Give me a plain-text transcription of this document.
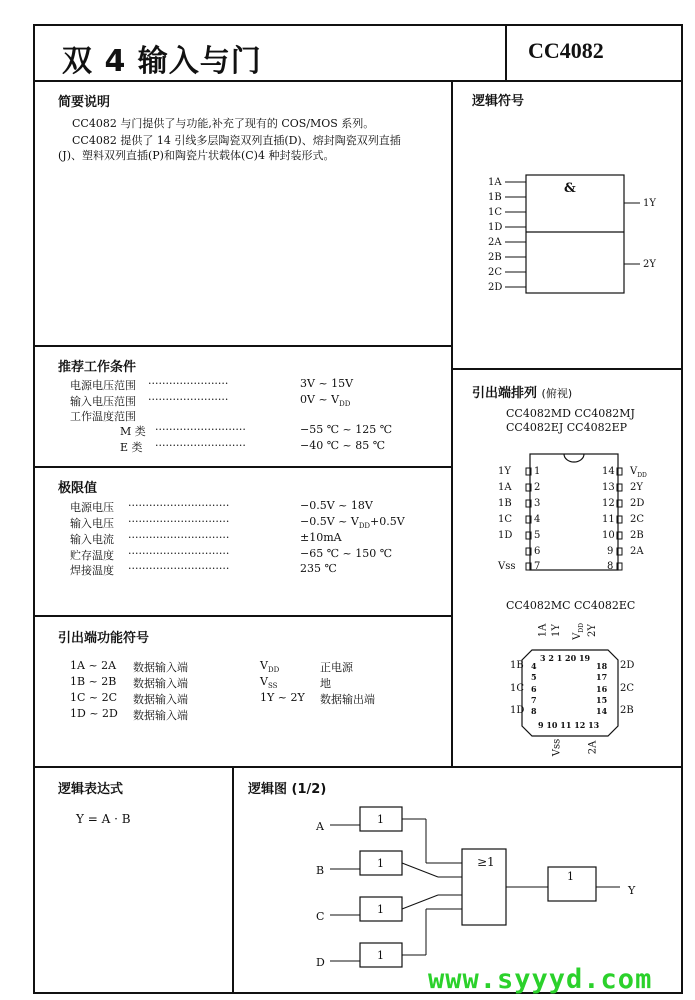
双 4 输入与门	CC4082
简要说明
CC4082 与门提供了与功能,补充了现有的 COS/MOS 系列。
CC4082 提供了 14 引线多层陶瓷双列直插(D)、熔封陶瓷双列直插
(J)、塑料双列直插(P)和陶瓷片状载体(C)4 种封装形式。
逻辑符号
&
1A
1B
1C
1D
2A
2B
2C
2D
1Y
2Y
推荐工作条件
电源电压范围 ·······················	3V ~ 15V
输入电压范围 ·······················	0V ~ $V_{DD}$
工作温度范围
M 类 ··························	−55 ℃ ~ 125 ℃
E 类 ··························	−40 ℃ ~ 85 ℃
极限值
电源电压 ·····························	−0.5V ~ 18V
输入电压 ·····························	−0.5V ~ $V_{DD}+0.5V$
输入电流 ·····························	±10mA
贮存温度 ·····························	−65 ℃ ~ 150 ℃
焊接温度 ·····························	235 ℃
引出端功能符号
1A ~ 2A 数据输入端
1B ~ 2B 数据输入端
1C ~ 2C 数据输入端
1D ~ 2D 数据输入端
$V_{DD}$	正电源
$V_{SS}$	地
1Y ~ 2Y 数据输出端
引出端排列 (俯视)
CC4082MD CC4082MJ
CC4082EJ CC4082EP
1Y 1
1A 2
1B 3
1C 4
1D 5
6
Vss 7
14 $V_{DD}$
13 2Y
12 2D
11 2C
10 2B
9 2A
8
CC4082MC CC4082EC
1A 1Y $V_{DD}$ 2Y
3 2 1 20 19
1B 4
5
1C 6
7
1D 8
18 2D
17
16 2C
15
14 2B
9 10 11 12 13
Vss	2A
逻辑表达式
Y = A · B
逻辑图 (1/2)
A
B
C
D
1
1
1
1
≥1
1
Y
www.syyyd.com
